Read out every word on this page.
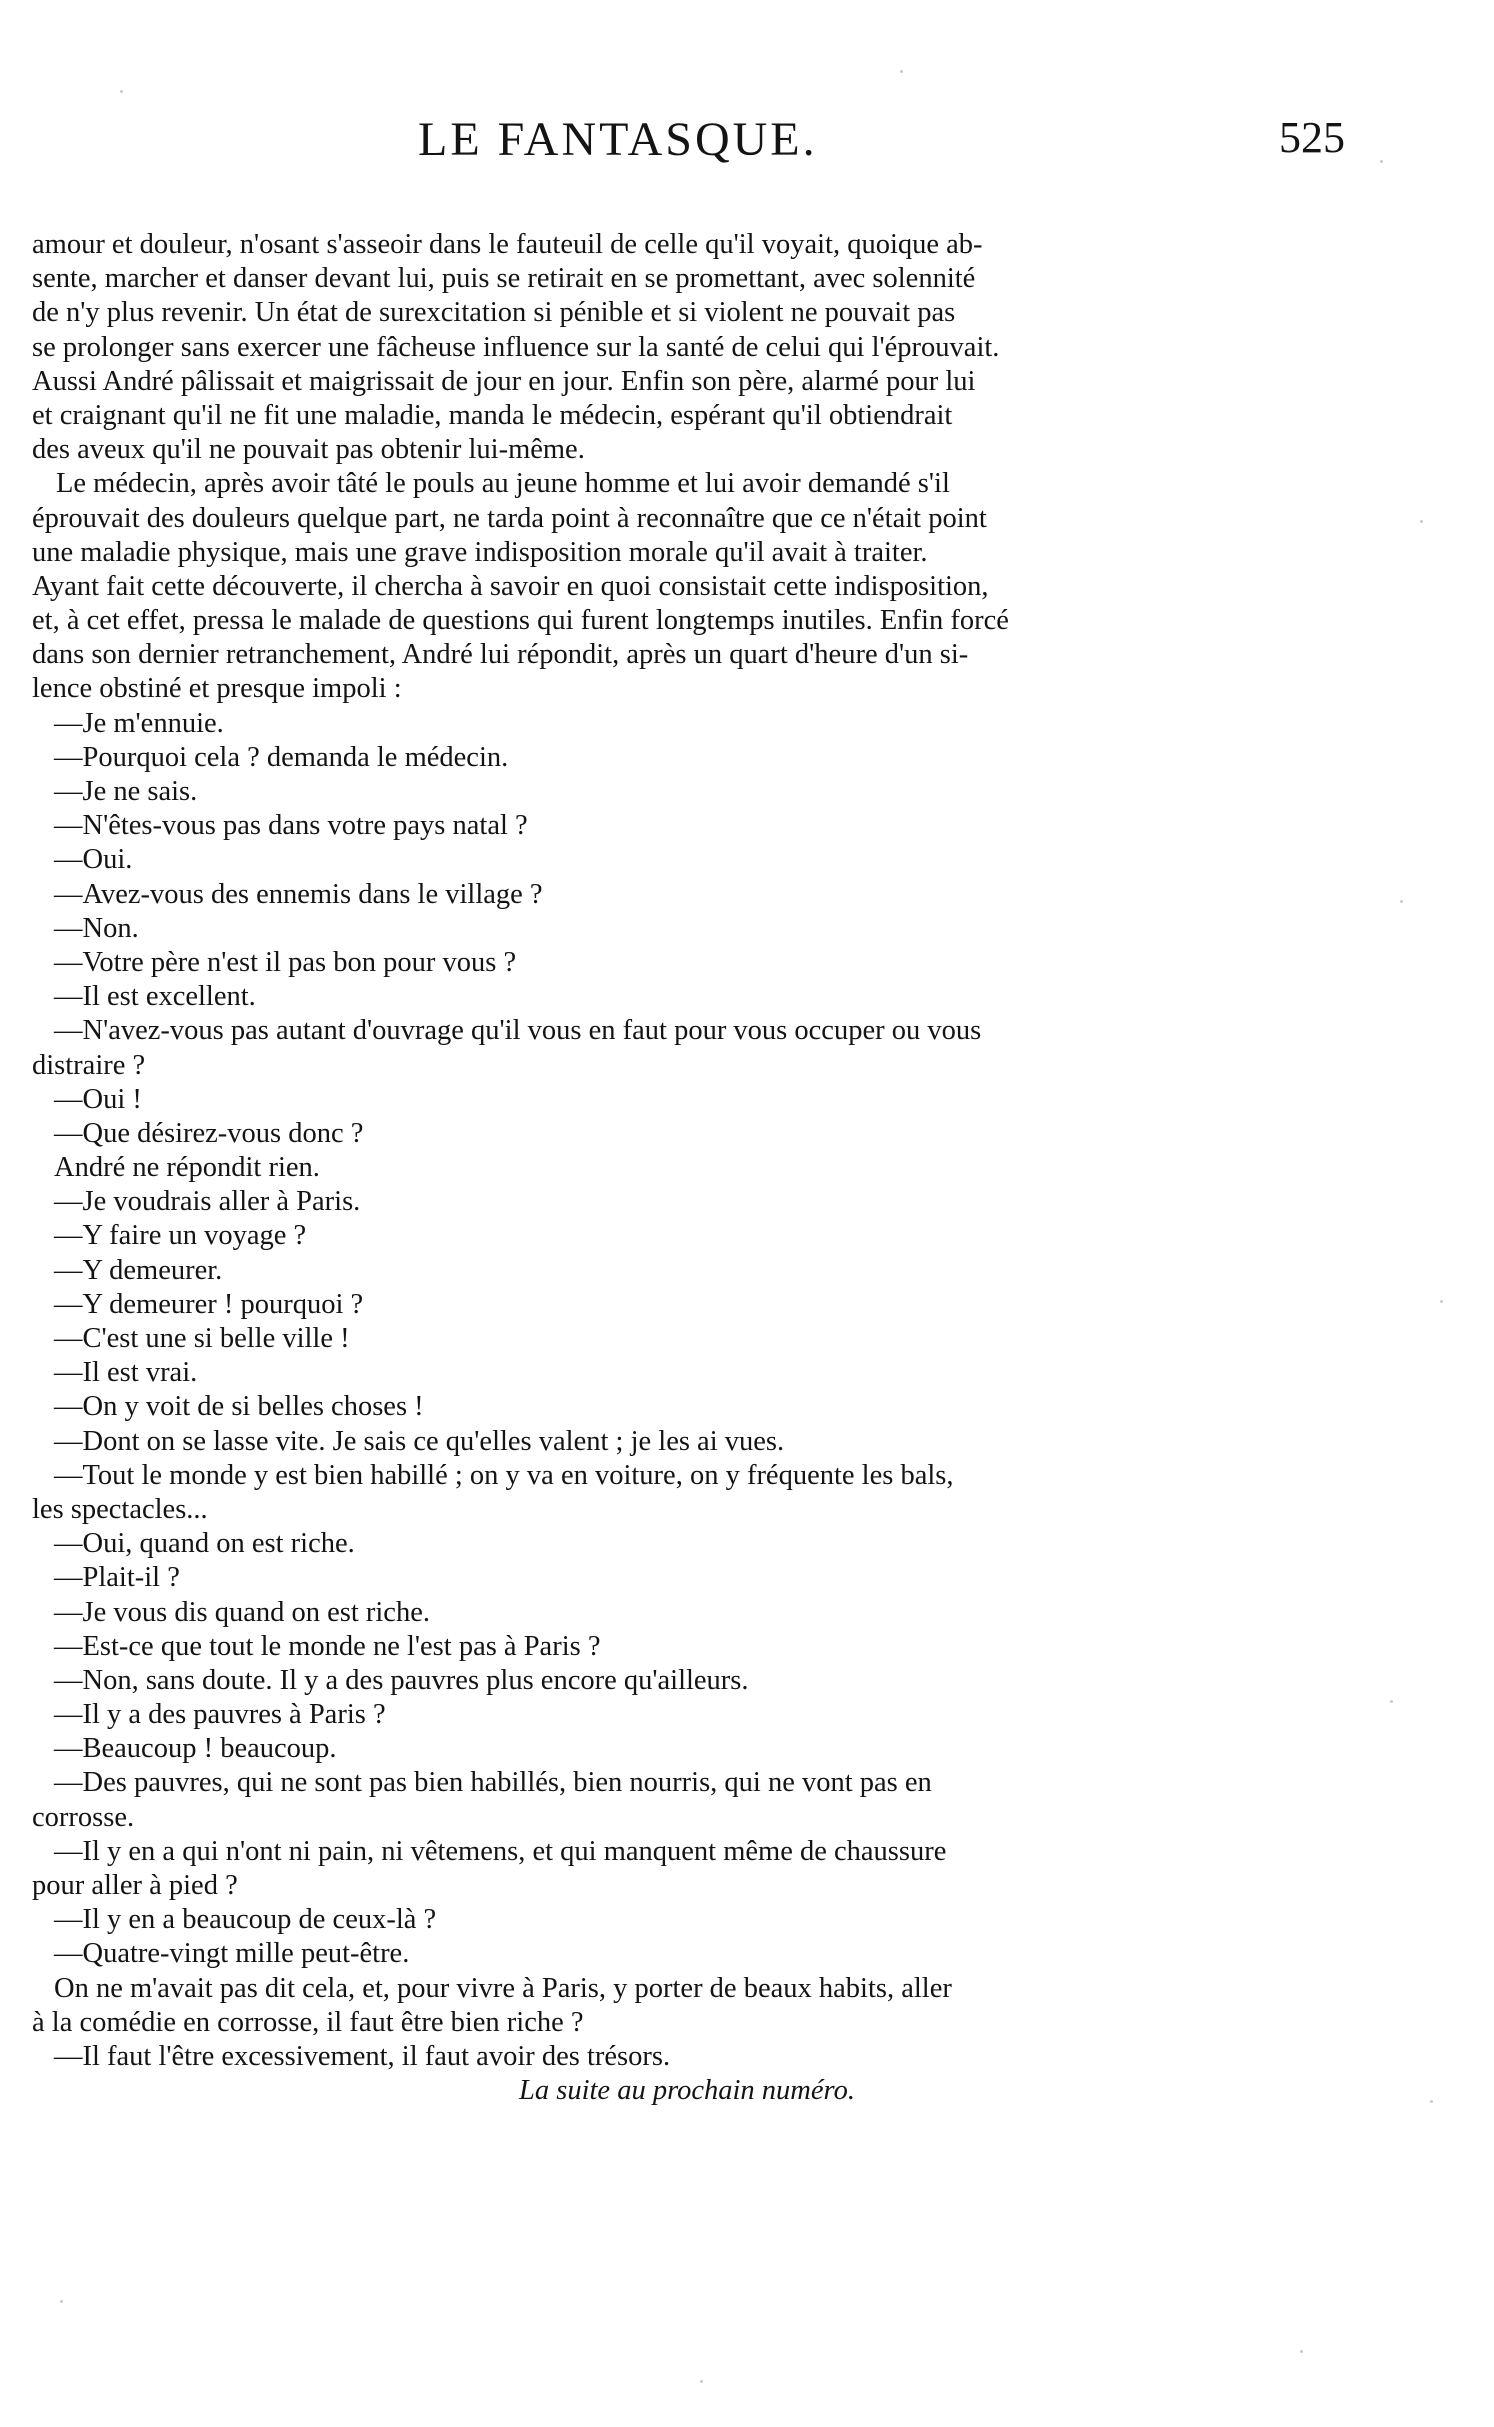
LE FANTASQUE.	525
amour et douleur, n'osant s'asseoir dans le fauteuil de celle qu'il voyait, quoique ab-
sente, marcher et danser devant lui, puis se retirait en se promettant, avec solennité
de n'y plus revenir. Un état de surexcitation si pénible et si violent ne pouvait pas
se prolonger sans exercer une fâcheuse influence sur la santé de celui qui l'éprouvait.
Aussi André pâlissait et maigrissait de jour en jour. Enfin son père, alarmé pour lui
et craignant qu'il ne fit une maladie, manda le médecin, espérant qu'il obtiendrait
des aveux qu'il ne pouvait pas obtenir lui-même.
Le médecin, après avoir tâté le pouls au jeune homme et lui avoir demandé s'il
éprouvait des douleurs quelque part, ne tarda point à reconnaître que ce n'était point
une maladie physique, mais une grave indisposition morale qu'il avait à traiter.
Ayant fait cette découverte, il chercha à savoir en quoi consistait cette indisposition,
et, à cet effet, pressa le malade de questions qui furent longtemps inutiles. Enfin forcé
dans son dernier retranchement, André lui répondit, après un quart d'heure d'un si-
lence obstiné et presque impoli :
—Je m'ennuie.
—Pourquoi cela ? demanda le médecin.
—Je ne sais.
—N'êtes-vous pas dans votre pays natal ?
—Oui.
—Avez-vous des ennemis dans le village ?
—Non.
—Votre père n'est il pas bon pour vous ?
—Il est excellent.
—N'avez-vous pas autant d'ouvrage qu'il vous en faut pour vous occuper ou vous
distraire ?
—Oui !
—Que désirez-vous donc ?
André ne répondit rien.
—Je voudrais aller à Paris.
—Y faire un voyage ?
—Y demeurer.
—Y demeurer ! pourquoi ?
—C'est une si belle ville !
—Il est vrai.
—On y voit de si belles choses !
—Dont on se lasse vite. Je sais ce qu'elles valent ; je les ai vues.
—Tout le monde y est bien habillé ; on y va en voiture, on y fréquente les bals,
les spectacles...
—Oui, quand on est riche.
—Plait-il ?
—Je vous dis quand on est riche.
—Est-ce que tout le monde ne l'est pas à Paris ?
—Non, sans doute. Il y a des pauvres plus encore qu'ailleurs.
—Il y a des pauvres à Paris ?
—Beaucoup ! beaucoup.
—Des pauvres, qui ne sont pas bien habillés, bien nourris, qui ne vont pas en
corrosse.
—Il y en a qui n'ont ni pain, ni vêtemens, et qui manquent même de chaussure
pour aller à pied ?
—Il y en a beaucoup de ceux-là ?
—Quatre-vingt mille peut-être.
On ne m'avait pas dit cela, et, pour vivre à Paris, y porter de beaux habits, aller
à la comédie en corrosse, il faut être bien riche ?
—Il faut l'être excessivement, il faut avoir des trésors.
La suite au prochain numéro.
